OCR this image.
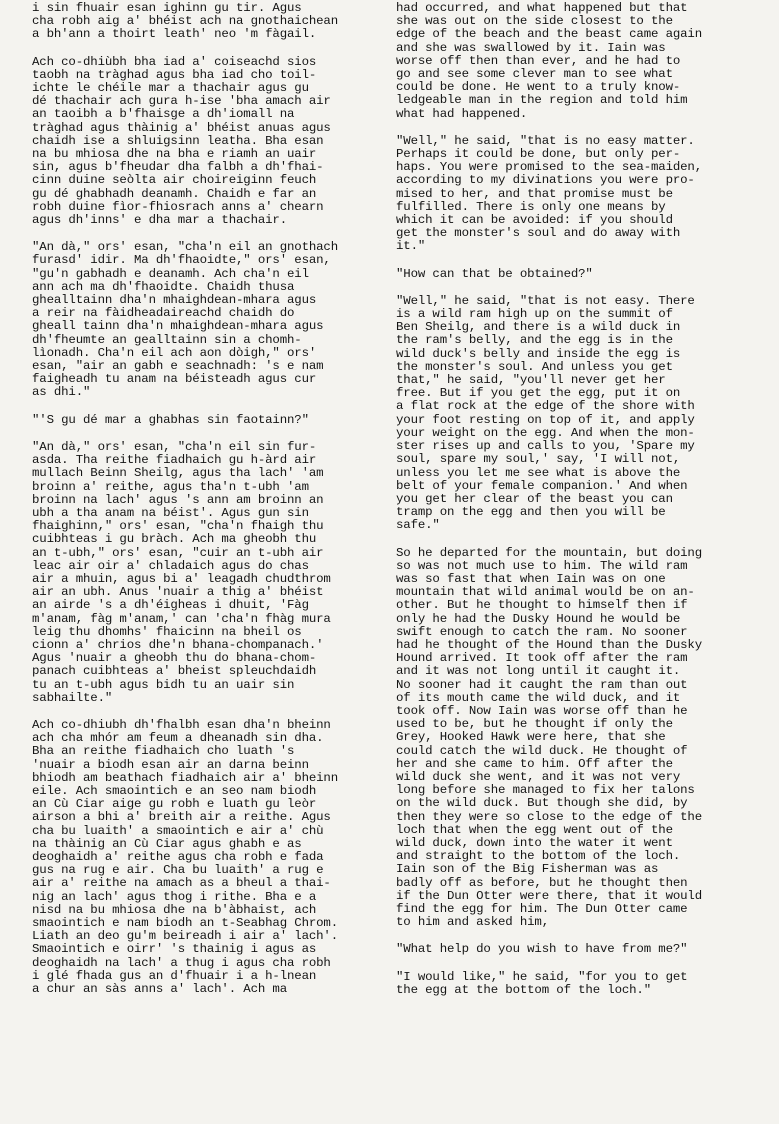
i sin fhuair esan ighinn gu tir. Agus
cha robh aig a' bhéist ach na gnothaichean
a bh'ann a thoirt leath' neo 'm fàgail.

Ach co-dhiùbh bha iad a' coiseachd sios
taobh na tràghad agus bha iad cho toil-
ichte le chéile mar a thachair agus gu
dé thachair ach gura h-ise 'bha amach air
an taoibh a b'fhaisge a dh'iomall na
tràghad agus thàinig a' bhéist anuas agus
chaidh ise a shluigsinn leatha. Bha esan
na bu mhiosa dhe na bha e riamh an uair
sin, agus b'fheudar dha falbh a dh'fhai-
cinn duine seòlta air choireiginn feuch
gu dé ghabhadh deanamh. Chaidh e far an
robh duine fìor-fhiosrach anns a' chearn
agus dh'inns' e dha mar a thachair.

"An dà," ors' esan, "cha'n eil an gnothach
furasd' idir. Ma dh'fhaoidte," ors' esan,
"gu'n gabhadh e deanamh. Ach cha'n eil
ann ach ma dh'fhaoidte. Chaidh thusa
ghealltainn dha'n mhaighdean-mhara agus
a reir na fàidheadaireachd chaidh do
gheall tainn dha'n mhaighdean-mhara agus
dh'fheumte an gealltainn sin a chomh-
lìonadh. Cha'n eil ach aon dòigh," ors'
esan, "air an gabh e seachnadh: 's e nam
faigheadh tu anam na béisteadh agus cur
as dhi."

"'S gu dé mar a ghabhas sin faotainn?"

"An dà," ors' esan, "cha'n eil sin fur-
asda. Tha reithe fiadhaich gu h-àrd air
mullach Beinn Sheilg, agus tha lach' 'am
broinn a' reithe, agus tha'n t-ubh 'am
broinn na lach' agus 's ann am broinn an
ubh a tha anam na béist'. Agus gun sin
fhaighinn," ors' esan, "cha'n fhaigh thu
cuibhteas i gu bràch. Ach ma gheobh thu
an t-ubh," ors' esan, "cuir an t-ubh air
leac air oir a' chladaich agus do chas
air a mhuin, agus bi a' leagadh chudthrom
air an ubh. Anus 'nuair a thig a' bhéist
an airde 's a dh'éigheas i dhuit, 'Fàg
m'anam, fàg m'anam,' can 'cha'n fhàg mura
leig thu dhomhs' fhaicinn na bheil os
cionn a' chrios dhe'n bhana-chompanach.'
Agus 'nuair a gheobh thu do bhana-chom-
panach cuibhteas a' bheist spleuchdaidh
tu an t-ubh agus bidh tu an uair sin
sabhailte."

Ach co-dhiubh dh'fhalbh esan dha'n bheinn
ach cha mhór am feum a dheanadh sin dha.
Bha an reithe fiadhaich cho luath 's
'nuair a biodh esan air an darna beinn
bhiodh am beathach fiadhaich air a' bheinn
eile. Ach smaointich e an seo nam biodh
an Cù Ciar aige gu robh e luath gu leòr
airson a bhi a' breith air a reithe. Agus
cha bu luaith' a smaointich e air a' chù
na thàinig an Cù Ciar agus ghabh e as
deoghaidh a' reithe agus cha robh e fada
gus na rug e air. Cha bu luaith' a rug e
air a' reithe na amach as a bheul a thai-
nig an lach' agus thog i rithe. Bha e a
nisd na bu mhiosa dhe na b'àbhaist, ach
smaointich e nam biodh an t-Seabhag Chrom.
Liath an deo gu'm beireadh i air a' lach'.
Smaointich e oirr' 's thainig i agus as
deoghaidh na lach' a thug i agus cha robh
i glé fhada gus an d'fhuair i a h-lnean
a chur an sàs anns a' lach'. Ach ma

had occurred, and what happened but that
she was out on the side closest to the
edge of the beach and the beast came again
and she was swallowed by it. Iain was
worse off then than ever, and he had to
go and see some clever man to see what
could be done. He went to a truly know-
ledgeable man in the region and told him
what had happened.

"Well," he said, "that is no easy matter.
Perhaps it could be done, but only per-
haps. You were promised to the sea-maiden,
according to my divinations you were pro-
mised to her, and that promise must be
fulfilled. There is only one means by
which it can be avoided: if you should
get the monster's soul and do away with
it."

"How can that be obtained?"

"Well," he said, "that is not easy. There
is a wild ram high up on the summit of
Ben Sheilg, and there is a wild duck in
the ram's belly, and the egg is in the
wild duck's belly and inside the egg is
the monster's soul. And unless you get
that," he said, "you'll never get her
free. But if you get the egg, put it on
a flat rock at the edge of the shore with
your foot resting on top of it, and apply
your weight on the egg. And when the mon-
ster rises up and calls to you, 'Spare my
soul, spare my soul,' say, 'I will not,
unless you let me see what is above the
belt of your female companion.' And when
you get her clear of the beast you can
tramp on the egg and then you will be
safe."

So he departed for the mountain, but doing
so was not much use to him. The wild ram
was so fast that when Iain was on one
mountain that wild animal would be on an-
other. But he thought to himself then if
only he had the Dusky Hound he would be
swift enough to catch the ram. No sooner
had he thought of the Hound than the Dusky
Hound arrived. It took off after the ram
and it was not long until it caught it.
No sooner had it caught the ram than out
of its mouth came the wild duck, and it
took off. Now Iain was worse off than he
used to be, but he thought if only the
Grey, Hooked Hawk were here, that she
could catch the wild duck. He thought of
her and she came to him. Off after the
wild duck she went, and it was not very
long before she managed to fix her talons
on the wild duck. But though she did, by
then they were so close to the edge of the
loch that when the egg went out of the
wild duck, down into the water it went
and straight to the bottom of the loch.
Iain son of the Big Fisherman was as
badly off as before, but he thought then
if the Dun Otter were there, that it would
find the egg for him. The Dun Otter came
to him and asked him,

"What help do you wish to have from me?"

"I would like," he said, "for you to get
the egg at the bottom of the loch."
